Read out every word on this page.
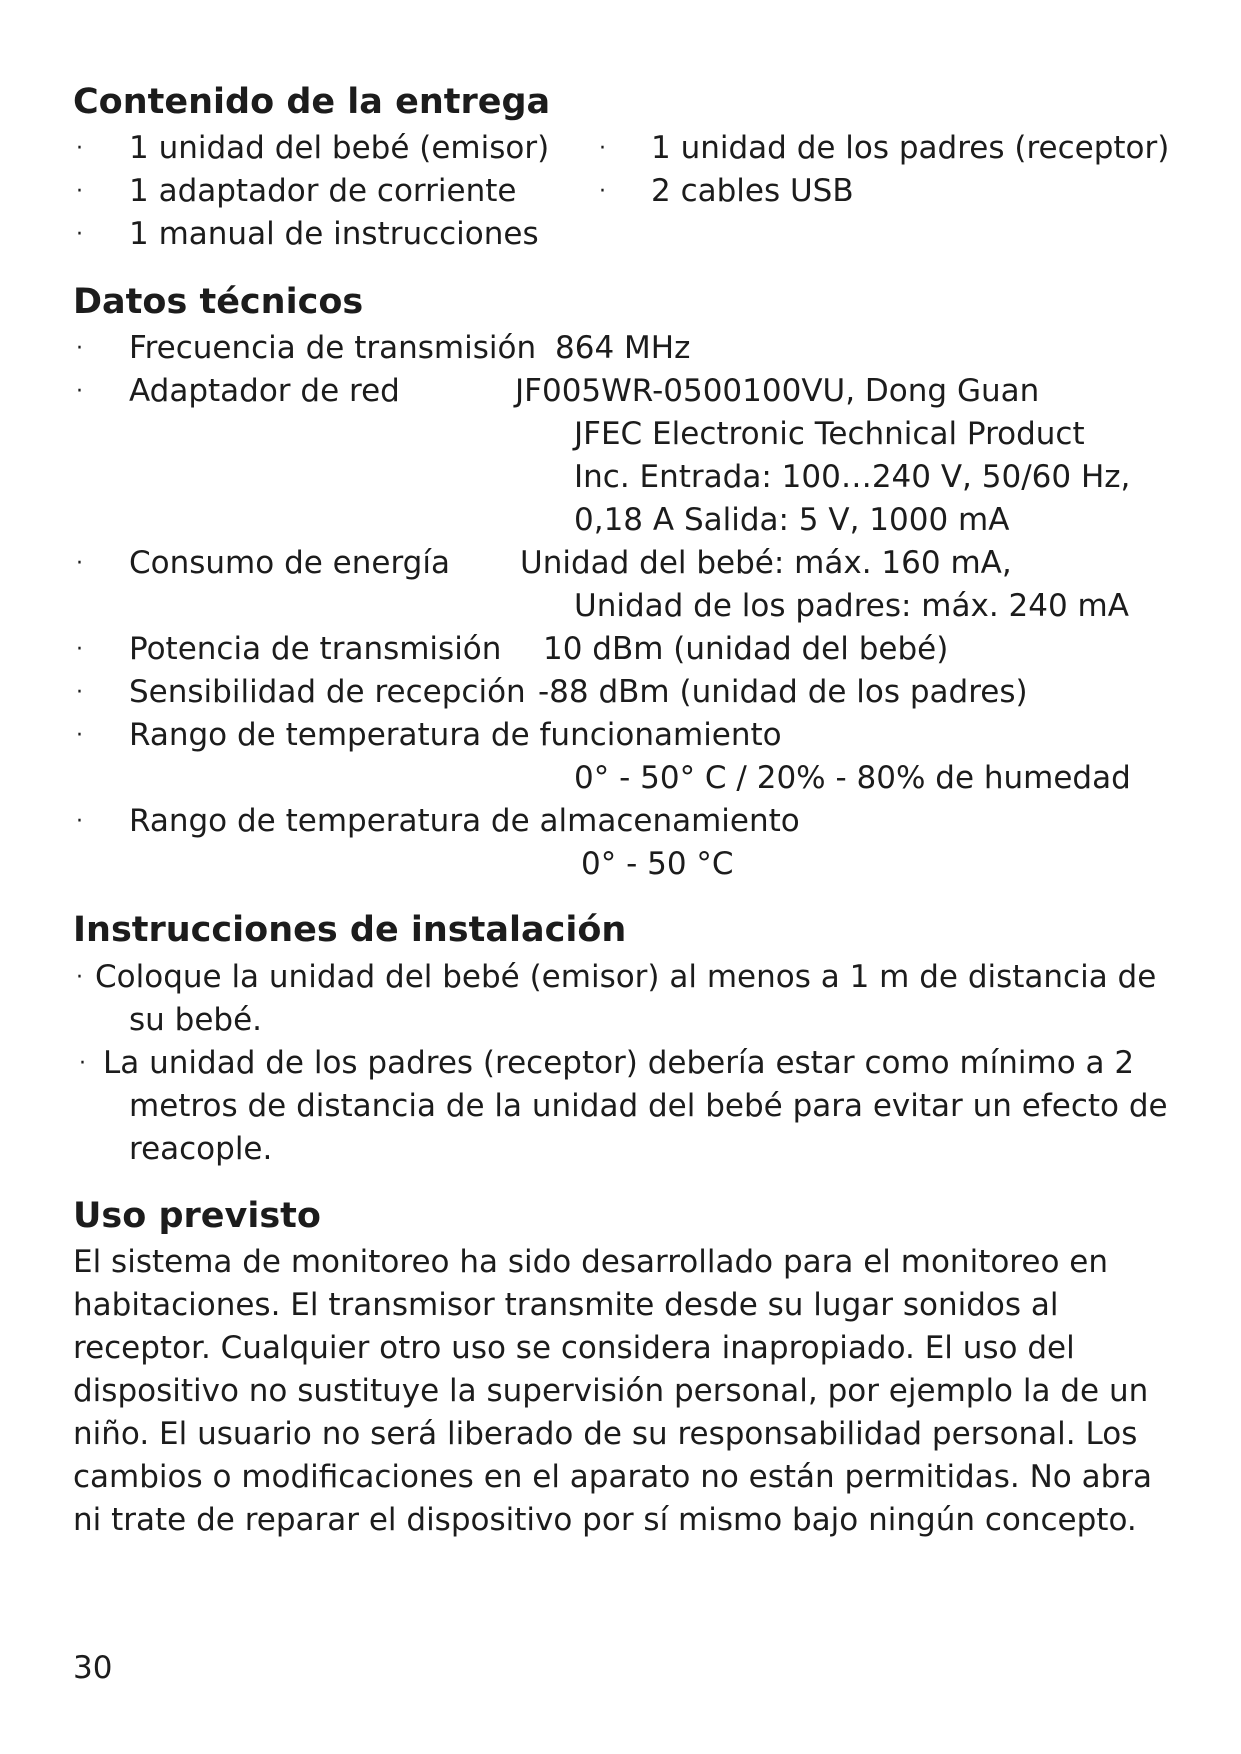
Contenido de la entrega
· 1 unidad del bebé (emisor) · 1 unidad de los padres (receptor)
· 1 adaptador de corriente	· 2 cables USB
· 1 manual de instrucciones
Datos técnicos
· Frecuencia de transmisión 864 MHz
· Adaptador de red	JF005WR-0500100VU, Dong Guan
JFEC Electronic Technical Product
Inc. Entrada: 100…240 V, 50/60 Hz,
0,18 A Salida: 5 V, 1000 mA
· Consumo de energía Unidad del bebé: máx. 160 mA,
Unidad de los padres: máx. 240 mA
· Potencia de transmisión 10 dBm (unidad del bebé)
· Sensibilidad de recepción -88 dBm (unidad de los padres)
· Rango de temperatura de funcionamiento
0° - 50° C / 20% - 80% de humedad
· Rango de temperatura de almacenamiento
0° - 50 °C
Instrucciones de instalación
· Coloque la unidad del bebé (emisor) al menos a 1 m de distancia de
su bebé.
· La unidad de los padres (receptor) debería estar como mínimo a 2
metros de distancia de la unidad del bebé para evitar un efecto de
reacople.
Uso previsto

El sistema de monitoreo ha sido desarrollado para el monitoreo en habitaciones. El transmisor transmite desde su lugar sonidos al receptor. Cualquier otro uso se considera inapropiado. El uso del dispositivo no sustituye la supervisión personal, por ejemplo la de un niño. El usuario no será liberado de su responsabilidad personal. Los cambios o modificaciones en el aparato no están permitidas. No abra ni trate de reparar el dispositivo por sí mismo bajo ningún concepto.

30
